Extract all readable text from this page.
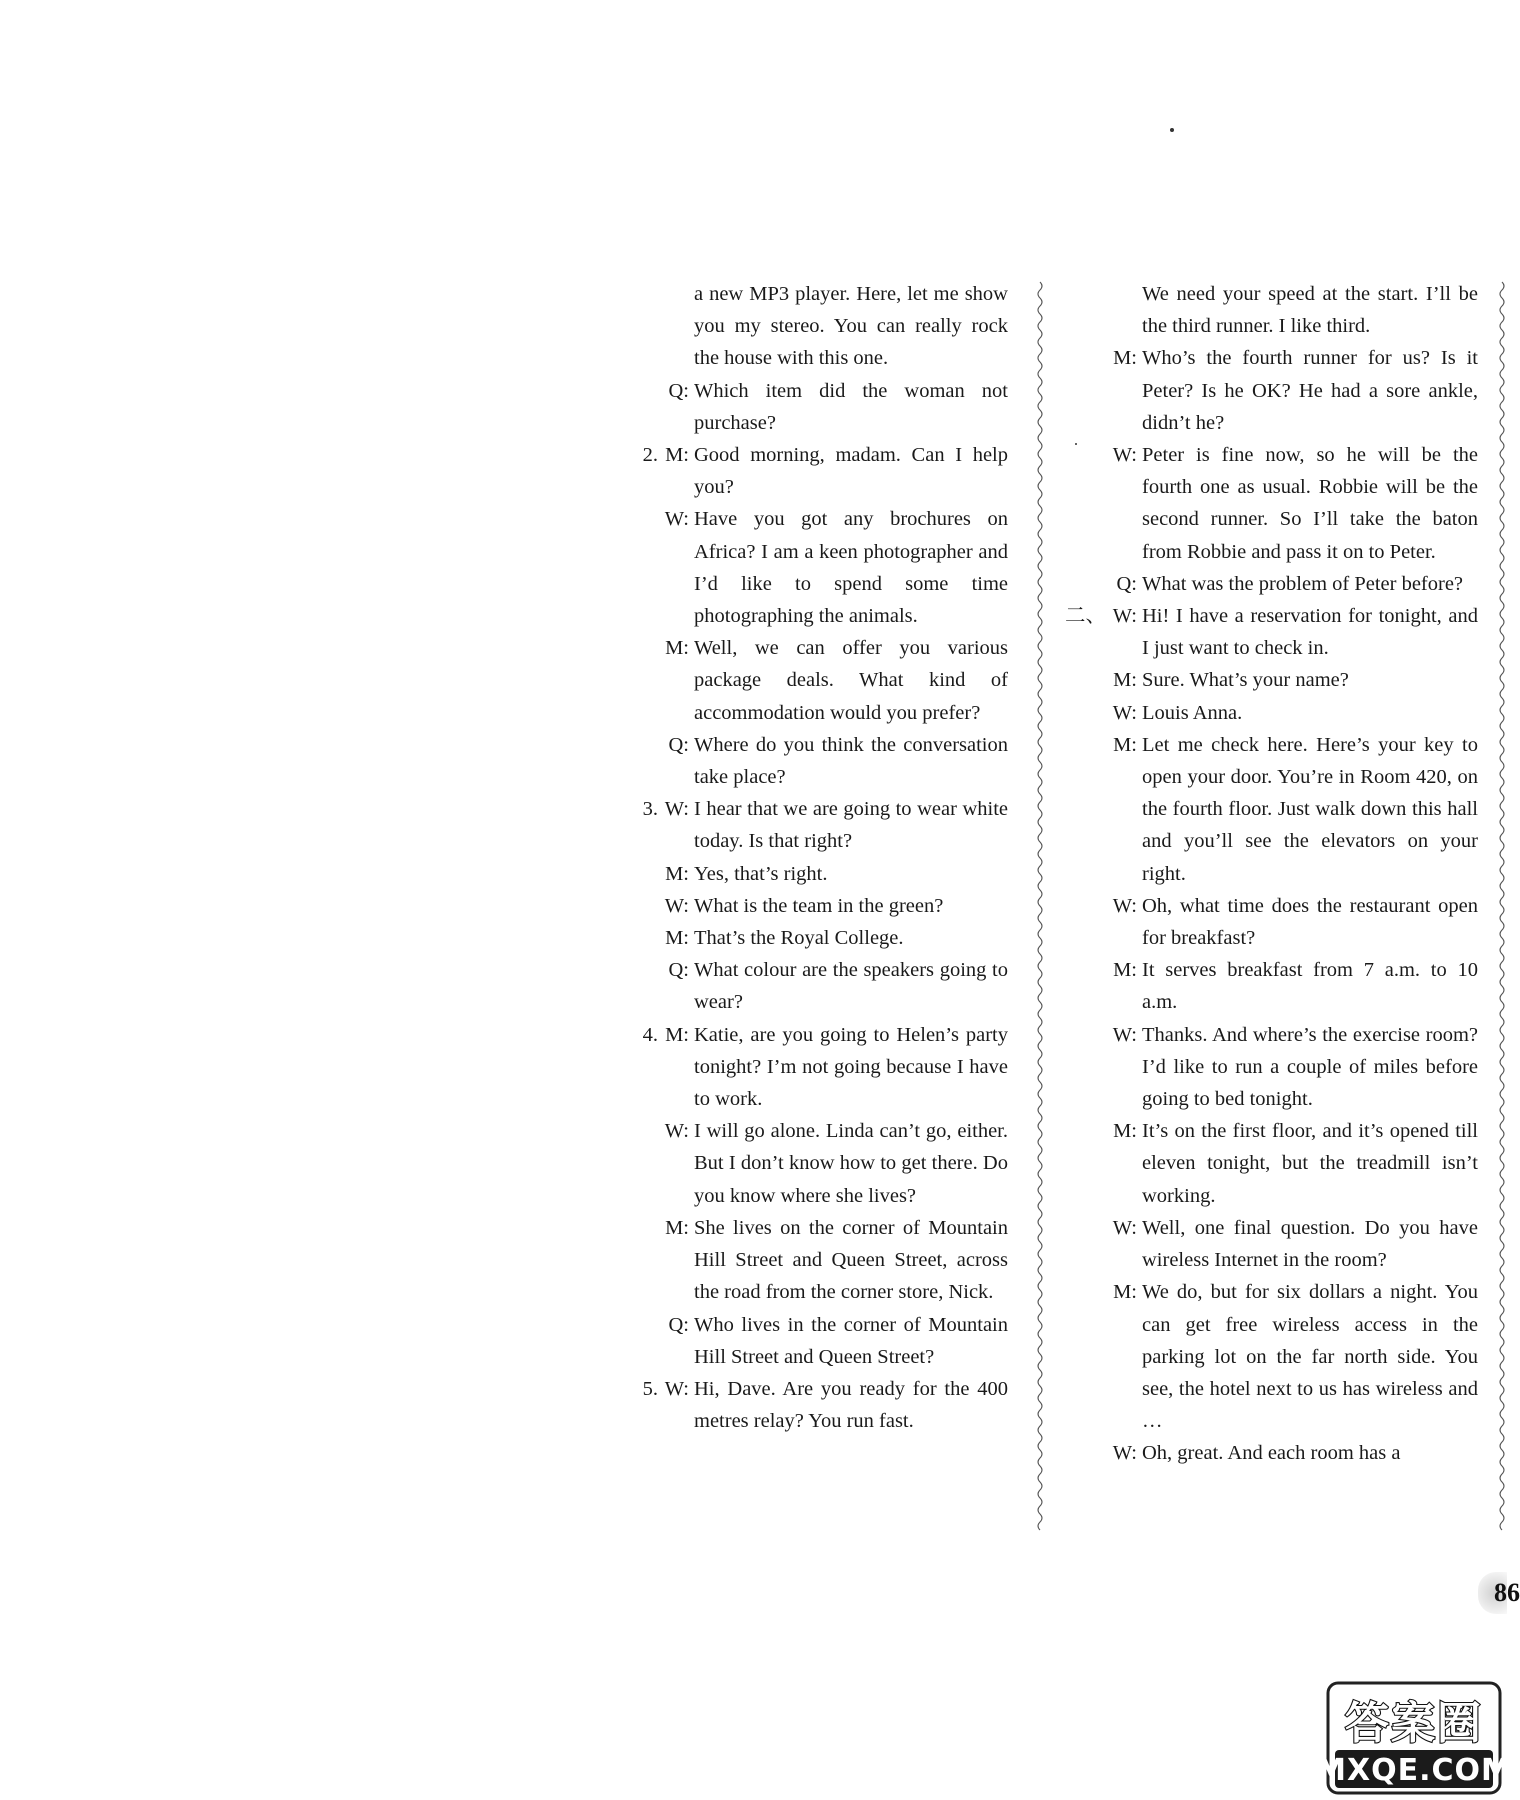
a new MP3 player. Here, let me show you my stereo. You can really rock the house with this one.
Q: Which item did the woman not purchase?
2. M: Good morning, madam. Can I help you?
W: Have you got any brochures on Africa? I am a keen photographer and I’d like to spend some time photographing the animals.
M: Well, we can offer you various package deals. What kind of accommodation would you prefer?
Q: Where do you think the conversation take place?
3. W: I hear that we are going to wear white today. Is that right?
M: Yes, that’s right.
W: What is the team in the green?
M: That’s the Royal College.
Q: What colour are the speakers going to wear?
4. M: Katie, are you going to Helen’s party tonight? I’m not going because I have to work.
W: I will go alone. Linda can’t go, either. But I don’t know how to get there. Do you know where she lives?
M: She lives on the corner of Mountain Hill Street and Queen Street, across the road from the corner store, Nick.
Q: Who lives in the corner of Mountain Hill Street and Queen Street?
5. W: Hi, Dave. Are you ready for the 400 metres relay? You run fast.
We need your speed at the start. I’ll be the third runner. I like third.
M: Who’s the fourth runner for us? Is it Peter? Is he OK? He had a sore ankle, didn’t he?
W: Peter is fine now, so he will be the fourth one as usual. Robbie will be the second runner. So I’ll take the baton from Robbie and pass it on to Peter.
Q: What was the problem of Peter before?
二、 W: Hi! I have a reservation for tonight, and I just want to check in.
M: Sure. What’s your name?
W: Louis Anna.
M: Let me check here. Here’s your key to open your door. You’re in Room 420, on the fourth floor. Just walk down this hall and you’ll see the elevators on your right.
W: Oh, what time does the restaurant open for breakfast?
M: It serves breakfast from 7 a.m. to 10 a.m.
W: Thanks. And where’s the exercise room? I’d like to run a couple of miles before going to bed tonight.
M: It’s on the first floor, and it’s opened till eleven tonight, but the treadmill isn’t working.
W: Well, one final question. Do you have wireless Internet in the room?
M: We do, but for six dollars a night. You can get free wireless access in the parking lot on the far north side. You see, the hotel next to us has wireless and …
W: Oh, great. And each room has a
86
答案圈
MXQE.COM
